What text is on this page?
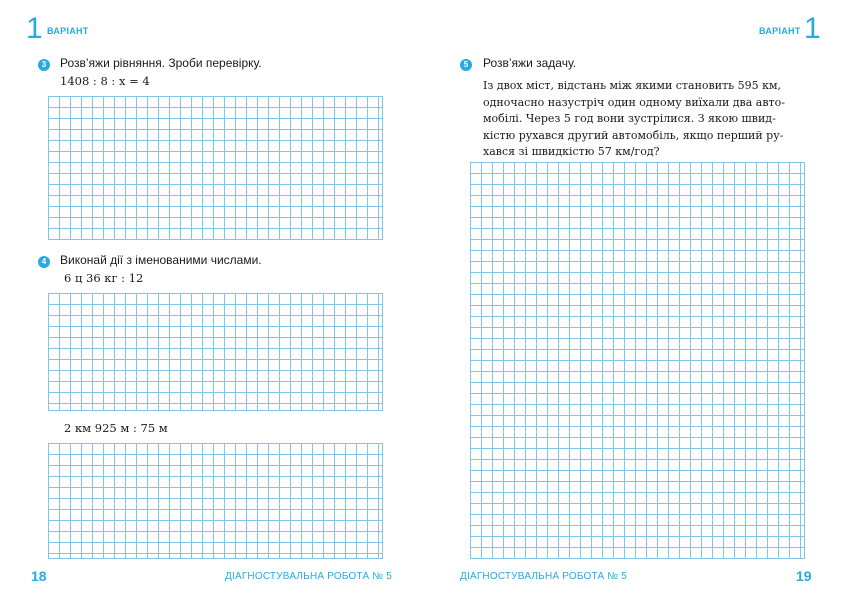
1 ВАРІАНТ
3	Розв’яжи рівняння. Зроби перевірку.
1408 : 8 : x = 4
4	Виконай дії з іменованими числами.
6 ц 36 кг : 12
2 км 925 м : 75 м
18	ДІАГНОСТУВАЛЬНА РОБОТА № 5
ВАРІАНТ 1
5	Розв’яжи задачу.
Із двох міст, відстань між якими становить 595 км,
одночасно назустріч один одному виїхали два авто-
мобілі. Через 5 год вони зустрілися. З якою швид-
кістю рухався другий автомобіль, якщо перший ру-
хався зі швидкістю 57 км/год?
ДІАГНОСТУВАЛЬНА РОБОТА № 5	19
